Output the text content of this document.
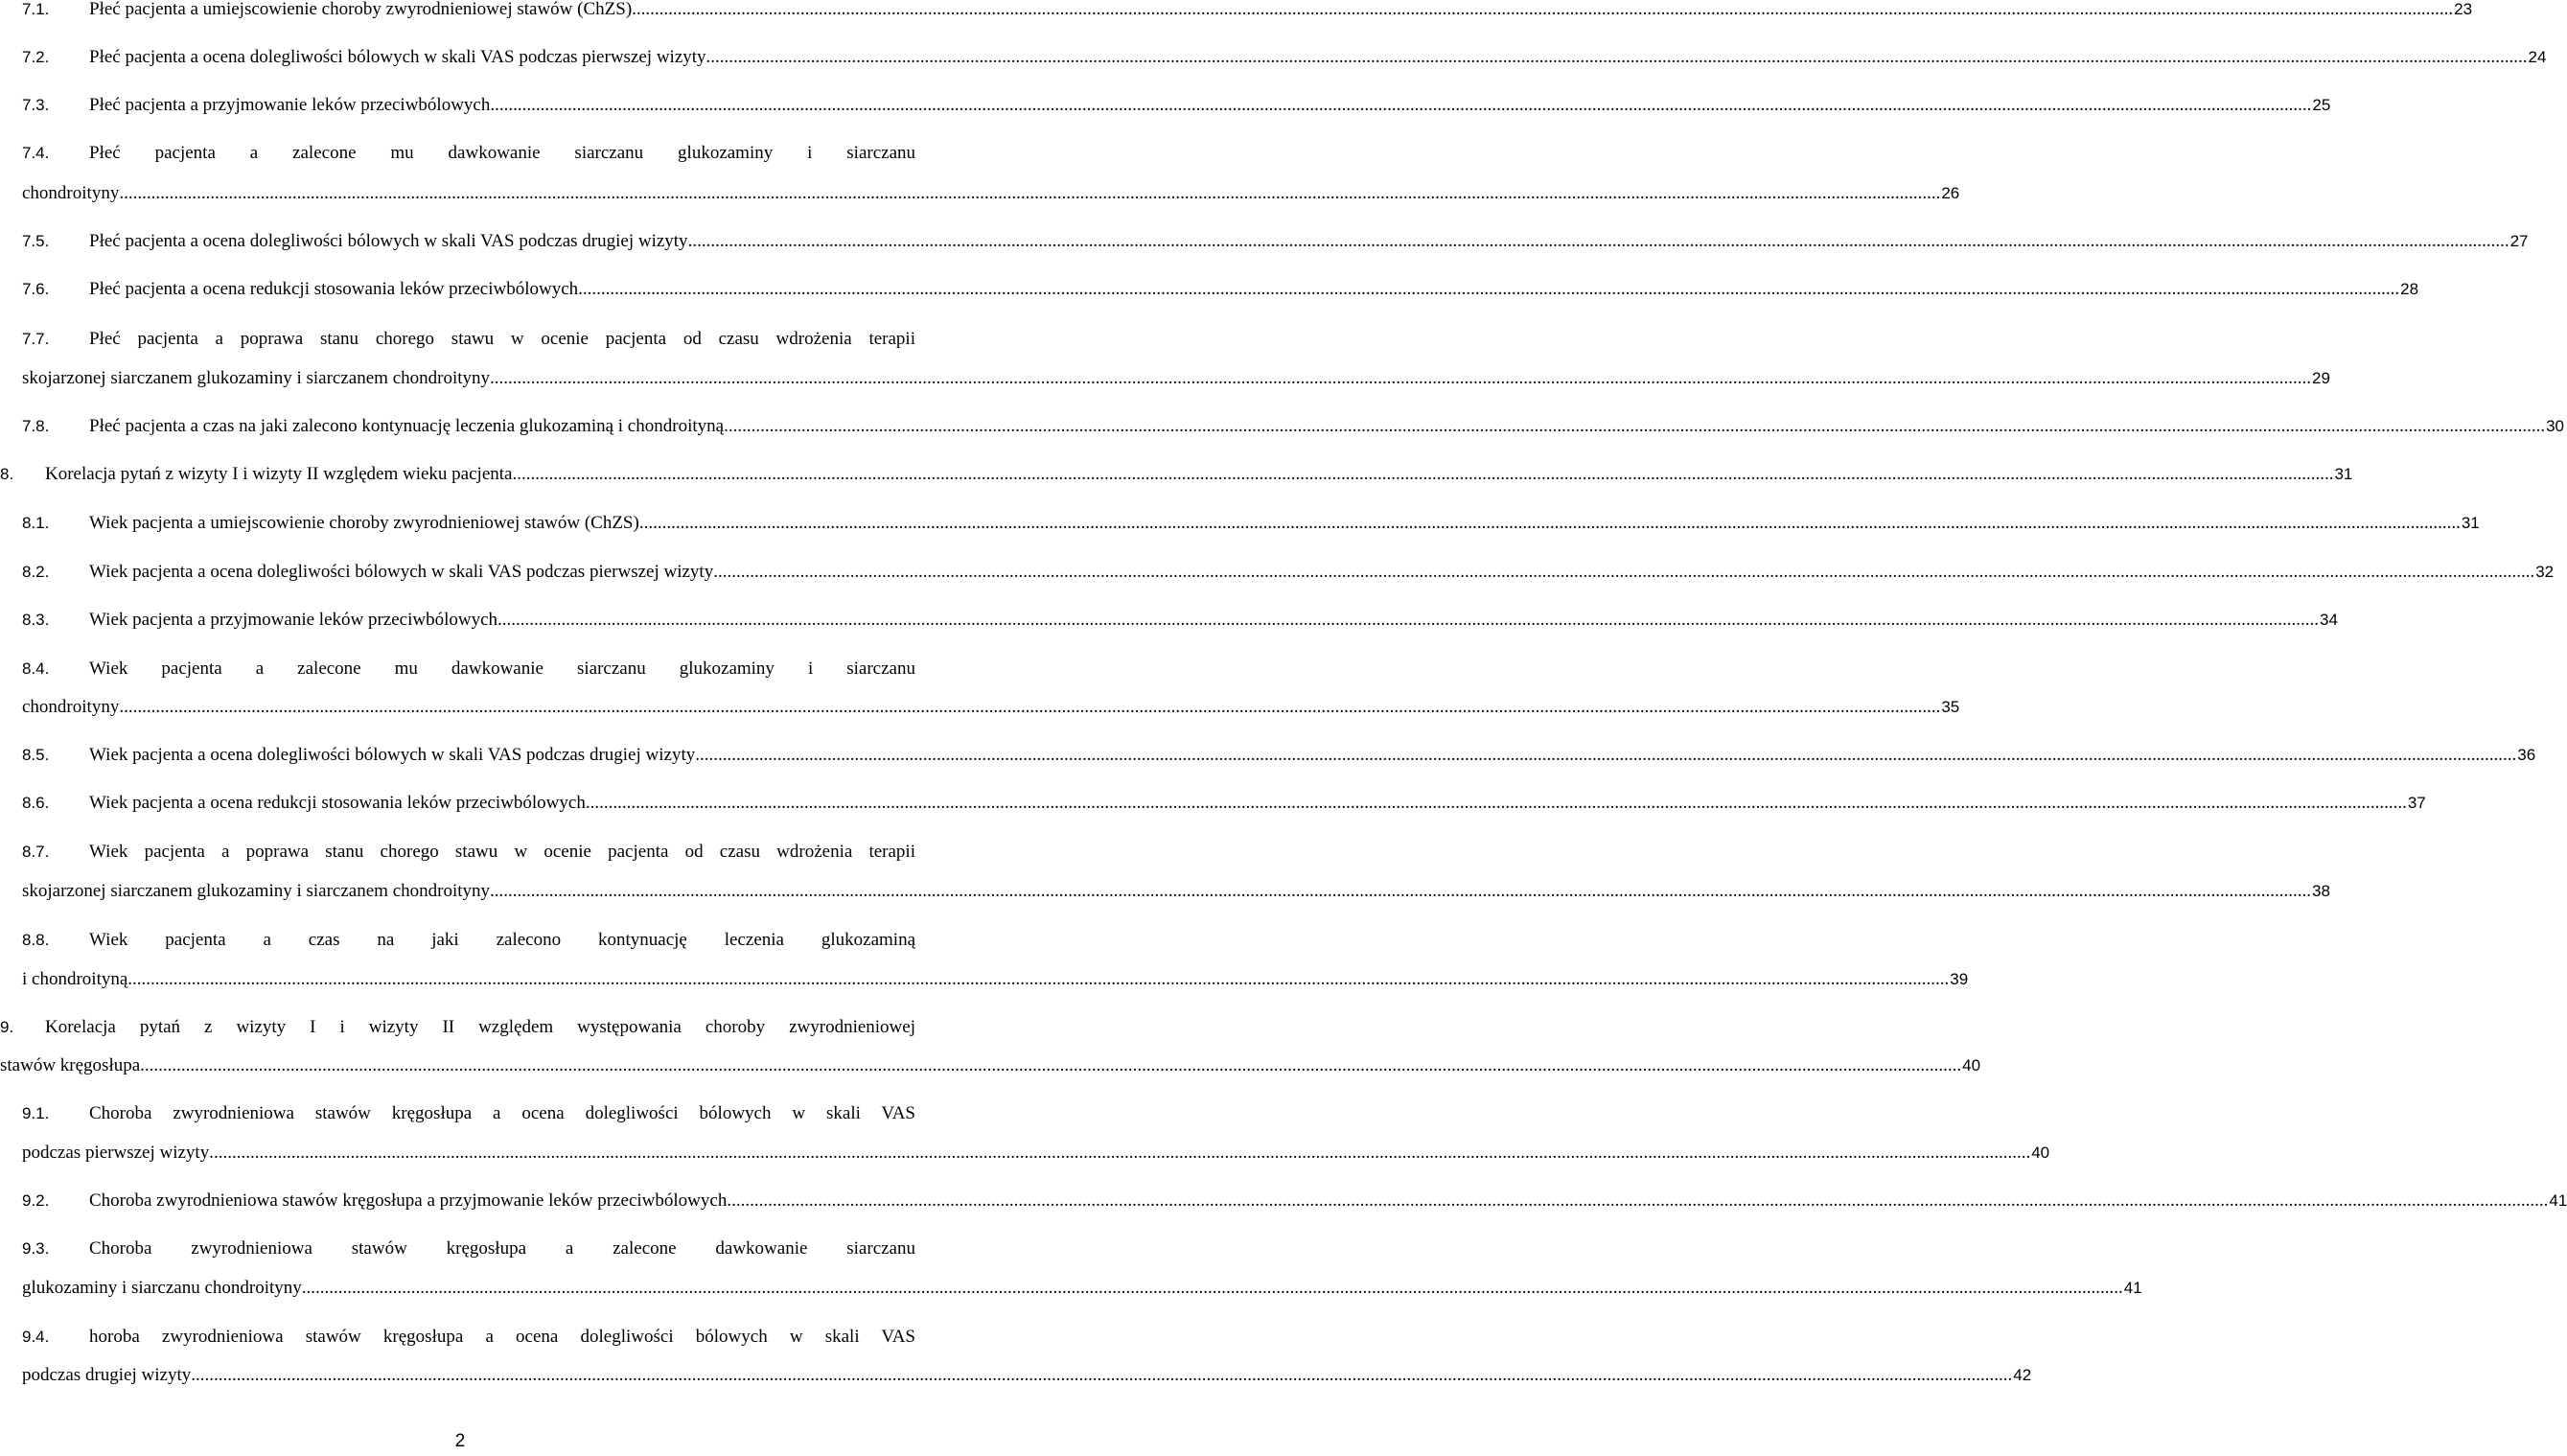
7.1.	Płeć pacjenta a umiejscowienie choroby zwyrodnieniowej stawów (ChZS) ................................................................................................................................................................................................................................................................................................................................................................................................................ 23
7.2.	Płeć pacjenta a ocena dolegliwości bólowych w skali VAS podczas pierwszej wizyty ................................................................................................................................................................................................................................................................................................................................................................................................................ 24
7.3.	Płeć pacjenta a przyjmowanie leków przeciwbólowych ................................................................................................................................................................................................................................................................................................................................................................................................................ 25
7.4.	Płeć pacjenta a zalecone mu dawkowanie siarczanu glukozaminy i siarczanu
chondroityny ................................................................................................................................................................................................................................................................................................................................................................................................................ 26
7.5.	Płeć pacjenta a ocena dolegliwości bólowych w skali VAS podczas drugiej wizyty ................................................................................................................................................................................................................................................................................................................................................................................................................ 27
7.6.	Płeć pacjenta a ocena redukcji stosowania leków przeciwbólowych ................................................................................................................................................................................................................................................................................................................................................................................................................ 28
7.7.	Płeć pacjenta a poprawa stanu chorego stawu w ocenie pacjenta od czasu wdrożenia terapii
skojarzonej siarczanem glukozaminy i siarczanem chondroityny ................................................................................................................................................................................................................................................................................................................................................................................................................ 29
7.8.	Płeć pacjenta a czas na jaki zalecono kontynuację leczenia glukozaminą i chondroityną ................................................................................................................................................................................................................................................................................................................................................................................................................ 30
8.	Korelacja pytań z wizyty I i wizyty II względem wieku pacjenta ................................................................................................................................................................................................................................................................................................................................................................................................................ 31
8.1.	Wiek pacjenta a umiejscowienie choroby zwyrodnieniowej stawów (ChZS) ................................................................................................................................................................................................................................................................................................................................................................................................................ 31
8.2.	Wiek pacjenta a ocena dolegliwości bólowych w skali VAS podczas pierwszej wizyty ................................................................................................................................................................................................................................................................................................................................................................................................................ 32
8.3.	Wiek pacjenta a przyjmowanie leków przeciwbólowych ................................................................................................................................................................................................................................................................................................................................................................................................................ 34
8.4.	Wiek pacjenta a zalecone mu dawkowanie siarczanu glukozaminy i siarczanu
chondroityny ................................................................................................................................................................................................................................................................................................................................................................................................................ 35
8.5.	Wiek pacjenta a ocena dolegliwości bólowych w skali VAS podczas drugiej wizyty ................................................................................................................................................................................................................................................................................................................................................................................................................ 36
8.6.	Wiek pacjenta a ocena redukcji stosowania leków przeciwbólowych ................................................................................................................................................................................................................................................................................................................................................................................................................ 37
8.7.	Wiek pacjenta a poprawa stanu chorego stawu w ocenie pacjenta od czasu wdrożenia terapii
skojarzonej siarczanem glukozaminy i siarczanem chondroityny ................................................................................................................................................................................................................................................................................................................................................................................................................ 38
8.8.	Wiek pacjenta a czas na jaki zalecono kontynuację leczenia glukozaminą
i chondroityną ................................................................................................................................................................................................................................................................................................................................................................................................................ 39
9.	Korelacja pytań z wizyty I i wizyty II względem występowania choroby zwyrodnieniowej
stawów kręgosłupa ................................................................................................................................................................................................................................................................................................................................................................................................................ 40
9.1.	Choroba zwyrodnieniowa stawów kręgosłupa a ocena dolegliwości bólowych w skali VAS
podczas pierwszej wizyty ................................................................................................................................................................................................................................................................................................................................................................................................................ 40
9.2.	Choroba zwyrodnieniowa stawów kręgosłupa a przyjmowanie leków przeciwbólowych ................................................................................................................................................................................................................................................................................................................................................................................................................ 41
9.3.	Choroba zwyrodnieniowa stawów kręgosłupa a zalecone dawkowanie siarczanu
glukozaminy i siarczanu chondroityny ................................................................................................................................................................................................................................................................................................................................................................................................................ 41
9.4.	horoba zwyrodnieniowa stawów kręgosłupa a ocena dolegliwości bólowych w skali VAS
podczas drugiej wizyty ................................................................................................................................................................................................................................................................................................................................................................................................................ 42
2
